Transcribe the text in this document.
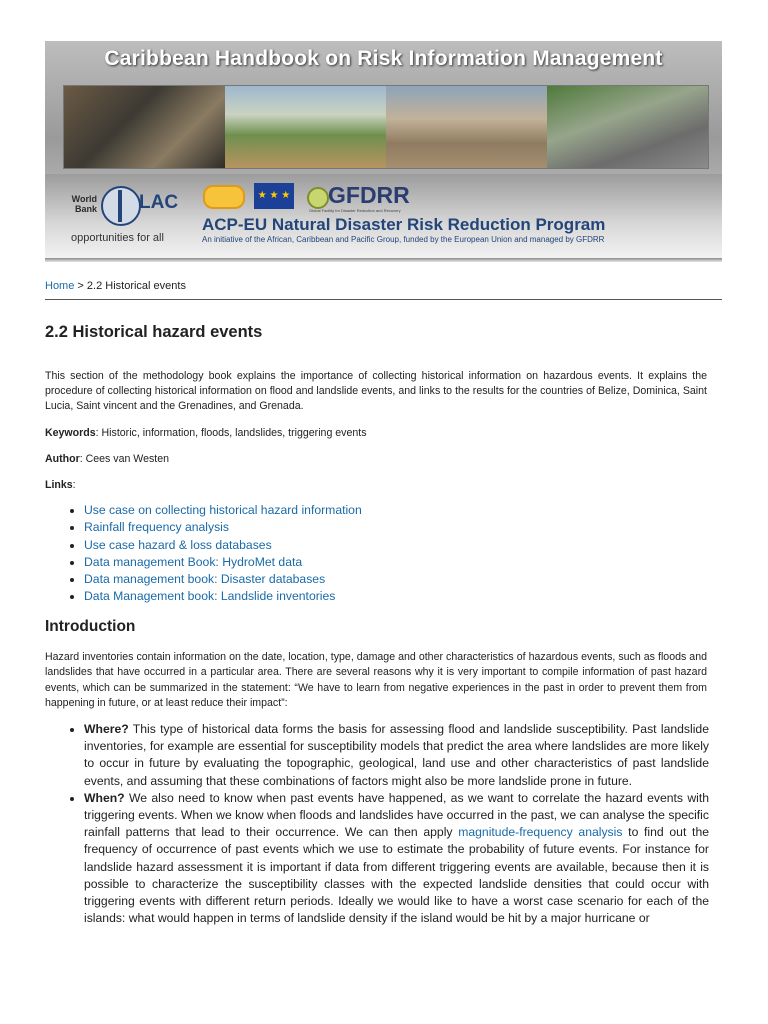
Caribbean Handbook on Risk Information Management
World Bank LAC
opportunities for all
★ ★ ★ GFDRR
Global Facility for Disaster Reduction and Recovery
ACP-EU Natural Disaster Risk Reduction Program
An initiative of the African, Caribbean and Pacific Group, funded by the European Union and managed by GFDRR
Home > 2.2 Historical events
2.2 Historical hazard events

This section of the methodology book explains the importance of collecting historical information on hazardous events. It explains the procedure of collecting historical information on flood and landslide events, and links to the results for the countries of Belize, Dominica, Saint Lucia, Saint vincent and the Grenadines, and Grenada.

Keywords: Historic, information, floods, landslides, triggering events

Author: Cees van Westen

Links:

• Use case on collecting historical hazard information
• Rainfall frequency analysis
• Use case hazard & loss databases
• Data management Book: HydroMet data
• Data management book: Disaster databases
• Data Management book: Landslide inventories
Introduction

Hazard inventories contain information on the date, location, type, damage and other characteristics of hazardous events, such as floods and landslides that have occurred in a particular area. There are several reasons why it is very important to compile information of past hazard events, which can be summarized in the statement: “We have to learn from negative experiences in the past in order to prevent them from happening in future, or at least reduce their impact”:

• Where? This type of historical data forms the basis for assessing flood and landslide susceptibility. Past landslide inventories, for example are essential for susceptibility models that predict the area where landslides are more likely to occur in future by evaluating the topographic, geological, land use and other characteristics of past landslide events, and assuming that these combinations of factors might also be more landslide prone in future.
• When? We also need to know when past events have happened, as we want to correlate the hazard events with triggering events. When we know when floods and landslides have occurred in the past, we can analyse the specific rainfall patterns that lead to their occurrence. We can then apply magnitude-frequency analysis to find out the frequency of occurrence of past events which we use to estimate the probability of future events. For instance for landslide hazard assessment it is important if data from different triggering events are available, because then it is possible to characterize the susceptibility classes with the expected landslide densities that could occur with triggering events with different return periods. Ideally we would like to have a worst case scenario for each of the islands: what would happen in terms of landslide density if the island would be hit by a major hurricane or
